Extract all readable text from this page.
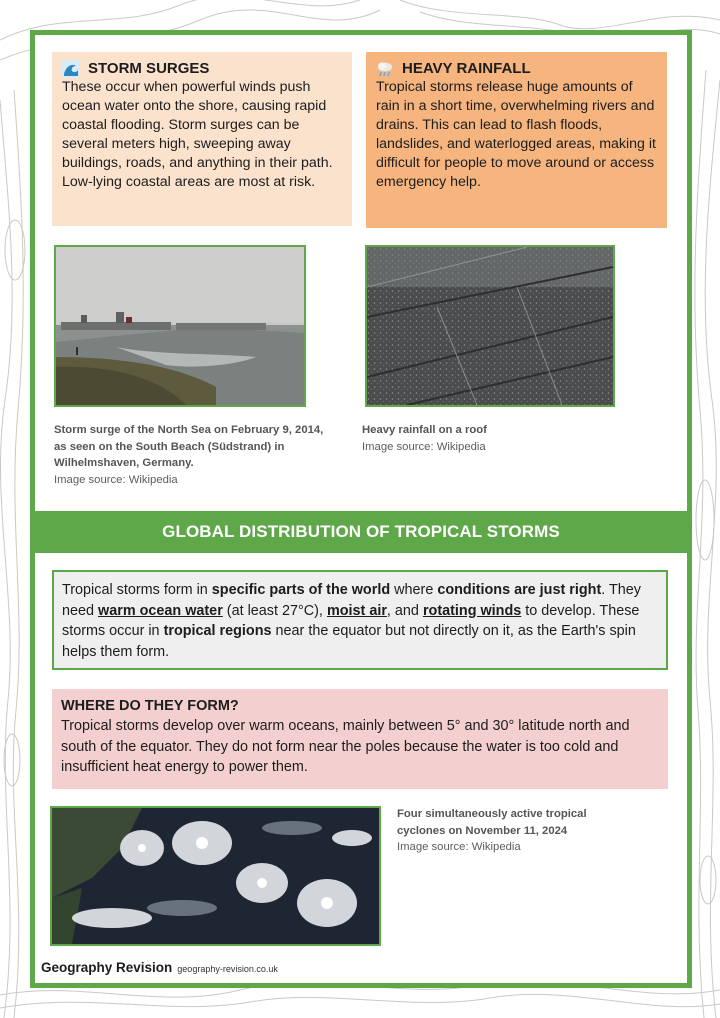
STORM SURGES
These occur when powerful winds push ocean water onto the shore, causing rapid coastal flooding. Storm surges can be several meters high, sweeping away buildings, roads, and anything in their path. Low-lying coastal areas are most at risk.
HEAVY RAINFALL
Tropical storms release huge amounts of rain in a short time, overwhelming rivers and drains. This can lead to flash floods, landslides, and waterlogged areas, making it difficult for people to move around or access emergency help.
Storm surge of the North Sea on February 9, 2014, as seen on the South Beach (Südstrand) in Wilhelmshaven, Germany.
Image source: Wikipedia
Heavy rainfall on a roof
Image source: Wikipedia
GLOBAL DISTRIBUTION OF TROPICAL STORMS
Tropical storms form in specific parts of the world where conditions are just right. They need warm ocean water (at least 27°C), moist air, and rotating winds to develop. These storms occur in tropical regions near the equator but not directly on it, as the Earth's spin helps them form.
WHERE DO THEY FORM?
Tropical storms develop over warm oceans, mainly between 5° and 30° latitude north and south of the equator. They do not form near the poles because the water is too cold and insufficient heat energy to power them.
Four simultaneously active tropical cyclones on November 11, 2024
Image source: Wikipedia
Geography Revision geography-revision.co.uk
